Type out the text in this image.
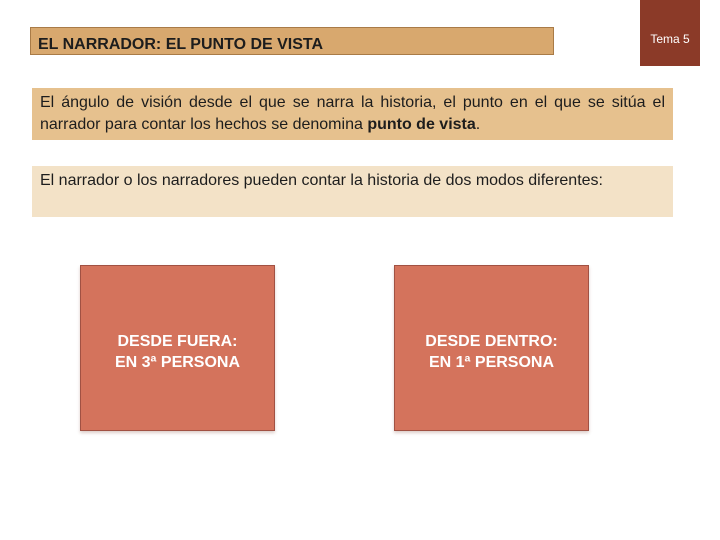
EL NARRADOR: EL PUNTO DE VISTA	Tema 5
El ángulo de visión desde el que se narra la historia, el punto en el que se sitúa el narrador para contar los hechos se denomina punto de vista.
El narrador o los narradores pueden contar la historia de dos modos diferentes:
DESDE FUERA:
EN 3ª PERSONA
DESDE DENTRO:
EN 1ª PERSONA
